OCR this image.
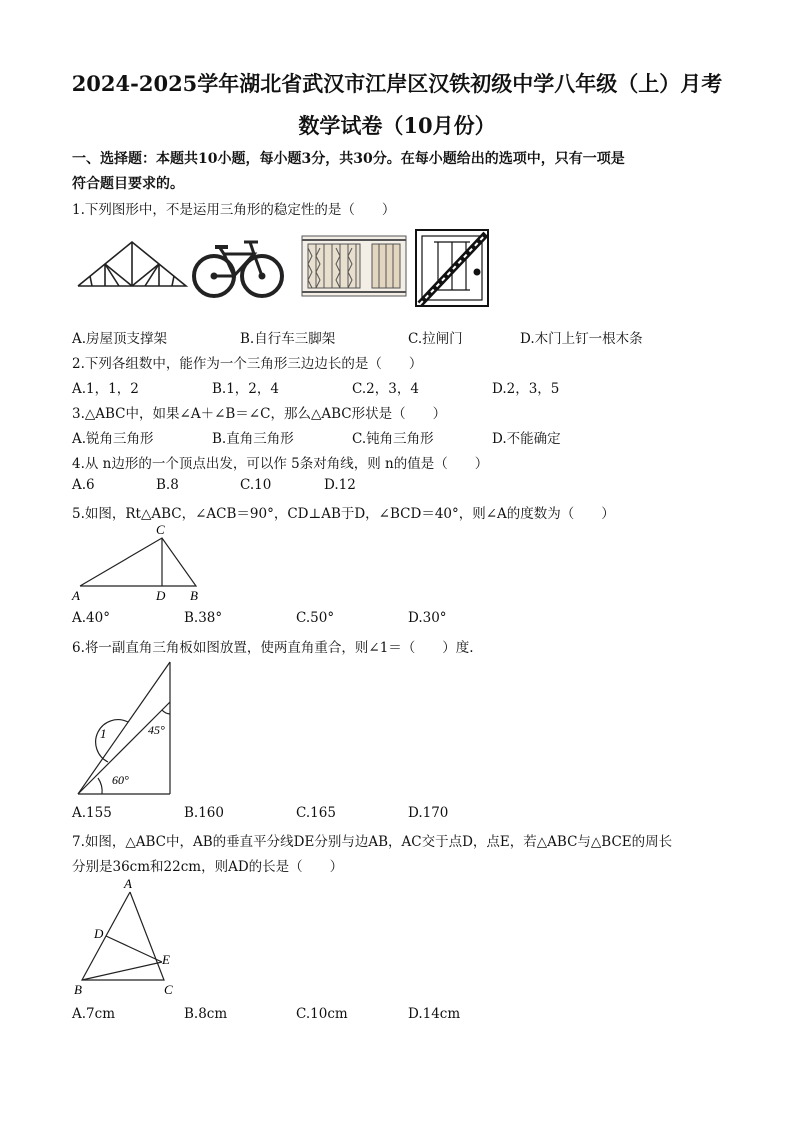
2024-2025学年湖北省武汉市江岸区汉铁初级中学八年级（上）月考
数学试卷（10月份）
一、选择题：本题共10小题，每小题3分，共30分。在每小题给出的选项中，只有一项是
符合题目要求的。
1.下列图形中，不是运用三角形的稳定性的是（　　）
A.房屋顶支撑架	B.自行车三脚架	C.拉闸门	D.木门上钉一根木条
2.下列各组数中，能作为一个三角形三边边长的是（　　）
A.1，1，2	B.1，2，4	C.2，3，4	D.2，3，5
3.△ABC中，如果∠A＋∠B＝∠C，那么△ABC形状是（　　）
A.锐角三角形	B.直角三角形	C.钝角三角形	D.不能确定
4.从 n边形的一个顶点出发，可以作 5条对角线，则 n的值是（　　）
A.6	B.8	C.10	D.12
5.如图，Rt△ABC，∠ACB＝90°，CD⊥AB于D，∠BCD＝40°，则∠A的度数为（　　）
C
A	D B
A.40°	B.38°	C.50°	D.30°
6.将一副直角三角板如图放置，使两直角重合，则∠1＝（　　）度.
1	45°
60°
A.155	B.160	C.165	D.170
7.如图，△ABC中，AB的垂直平分线DE分别与边AB，AC交于点D，点E，若△ABC与△BCE的周长
分别是36cm和22cm，则AD的长是（　　）
A
D
E
B	C
A.7cm	B.8cm	C.10cm	D.14cm
